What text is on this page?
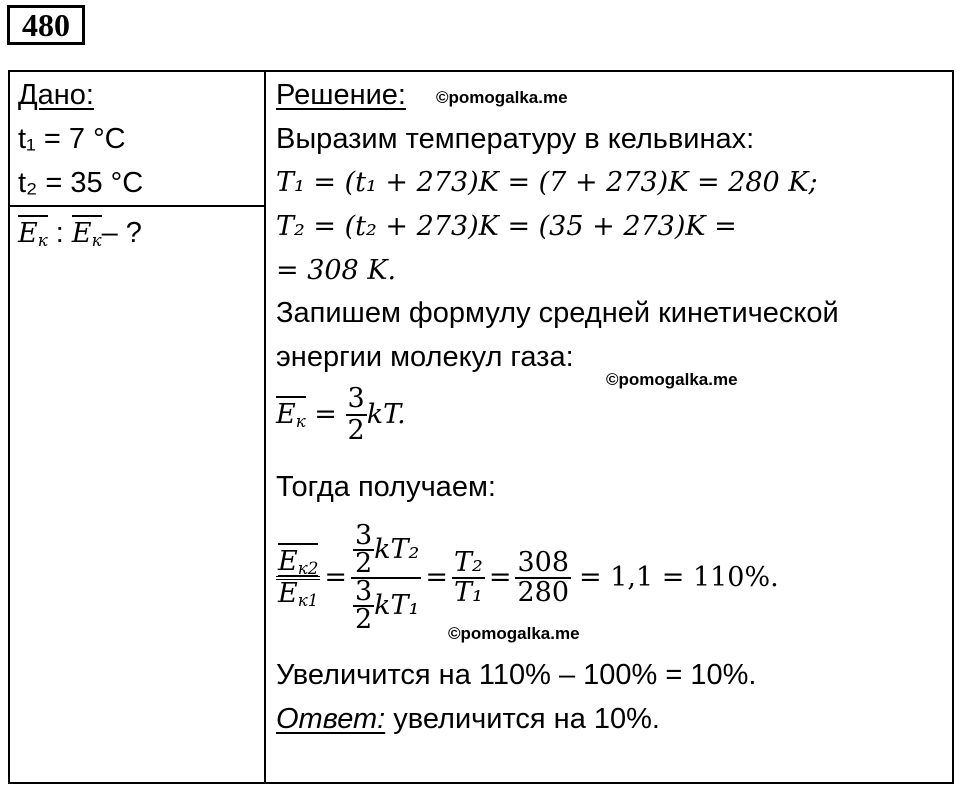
480
Дано:
t₁ = 7 °C
t₂ = 35 °C
$E_к$ : $E_к-$ ?
Решение: ©pomogalka.me
Выразим температуру в кельвинах:
T₁ = (t₁ + 273)K = (7 + 273)K = 280 K;
T₂ = (t₂ + 273)K = (35 + 273)K =
= 308 K.
Запишем формулу средней кинетической
энергии молекул газа:
©pomogalka.me
$E_к = \frac{3}{2}$ kT.
Тогда получаем:
$\frac{E_{к2}}{E_{к1}} = \frac{\frac{3}{2} kT_2}{\frac{3}{2} kT_1} = \frac{\text{T₂}}{\text{T₁}} = \frac{308}{280} = 1,1 = 110\%$.
©pomogalka.me
Увеличится на 110% – 100% = 10%.
Ответ: увеличится на 10%.
